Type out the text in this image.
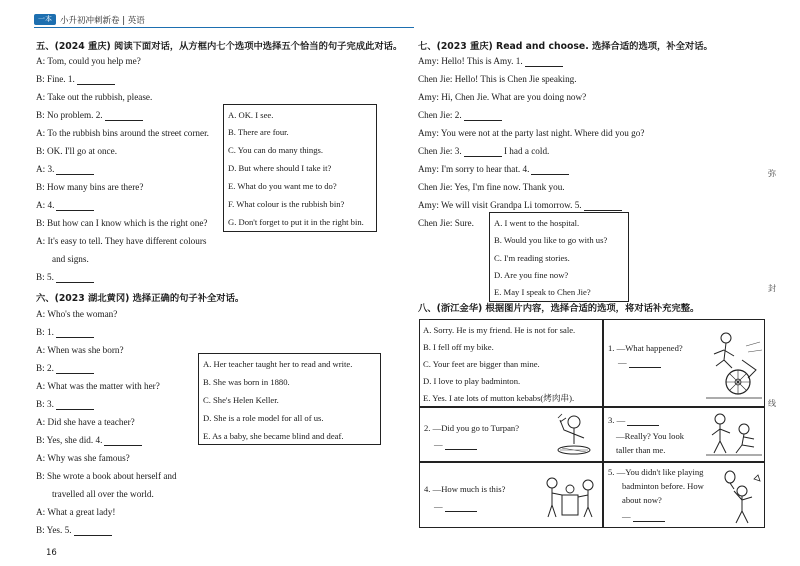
一本 小升初冲刺新卷 | 英语
弥
封
线
五、(2024 重庆) 阅读下面对话，从方框内七个选项中选择五个恰当的句子完成此对话。
A: Tom, could you help me?
B: Fine. 1.
A: Take out the rubbish, please.
B: No problem. 2.
A: To the rubbish bins around the street corner.
B: OK. I'll go at once.
A: 3.
B: How many bins are there?
A: 4.
B: But how can I know which is the right one?
A: It's easy to tell. They have different colours
and signs.
B: 5.
A. OK. I see.
B. There are four.
C. You can do many things.
D. But where should I take it?
E. What do you want me to do?
F. What colour is the rubbish bin?
G. Don't forget to put it in the right bin.
六、(2023 湖北黄冈) 选择正确的句子补全对话。
A: Who's the woman?
B: 1.
A: When was she born?
B: 2.
A: What was the matter with her?
B: 3.
A: Did she have a teacher?
B: Yes, she did. 4.
A: Why was she famous?
B: She wrote a book about herself and
travelled all over the world.
A: What a great lady!
B: Yes. 5.
A. Her teacher taught her to read and write.
B. She was born in 1880.
C. She's Helen Keller.
D. She is a role model for all of us.
E. As a baby, she became blind and deaf.
七、(2023 重庆) Read and choose. 选择合适的选项，补全对话。
Amy: Hello! This is Amy. 1.
Chen Jie: Hello! This is Chen Jie speaking.
Amy: Hi, Chen Jie. What are you doing now?
Chen Jie: 2.
Amy: You were not at the party last night. Where did you go?
Chen Jie: 3.	I had a cold.
Amy: I'm sorry to hear that. 4.
Chen Jie: Yes, I'm fine now. Thank you.
Amy: We will visit Grandpa Li tomorrow. 5.
Chen Jie: Sure. A. I went to the hospital.
B. Would you like to go with us?
C. I'm reading stories.
D. Are you fine now?
E. May I speak to Chen Jie?
八、(浙江金华) 根据图片内容，选择合适的选项，将对话补充完整。
A. Sorry. He is my friend. He is not for sale.
B. I fell off my bike.
C. Your feet are bigger than mine.
D. I love to play badminton.
E. Yes. I ate lots of mutton kebabs(烤肉串).
1. —What happened?
—
2. —Did you go to Turpan?
—
3. —
—Really? You look
taller than me.
4. —How much is this?
—
5. —You didn't like playing
badminton before. How
about now?
—
16
